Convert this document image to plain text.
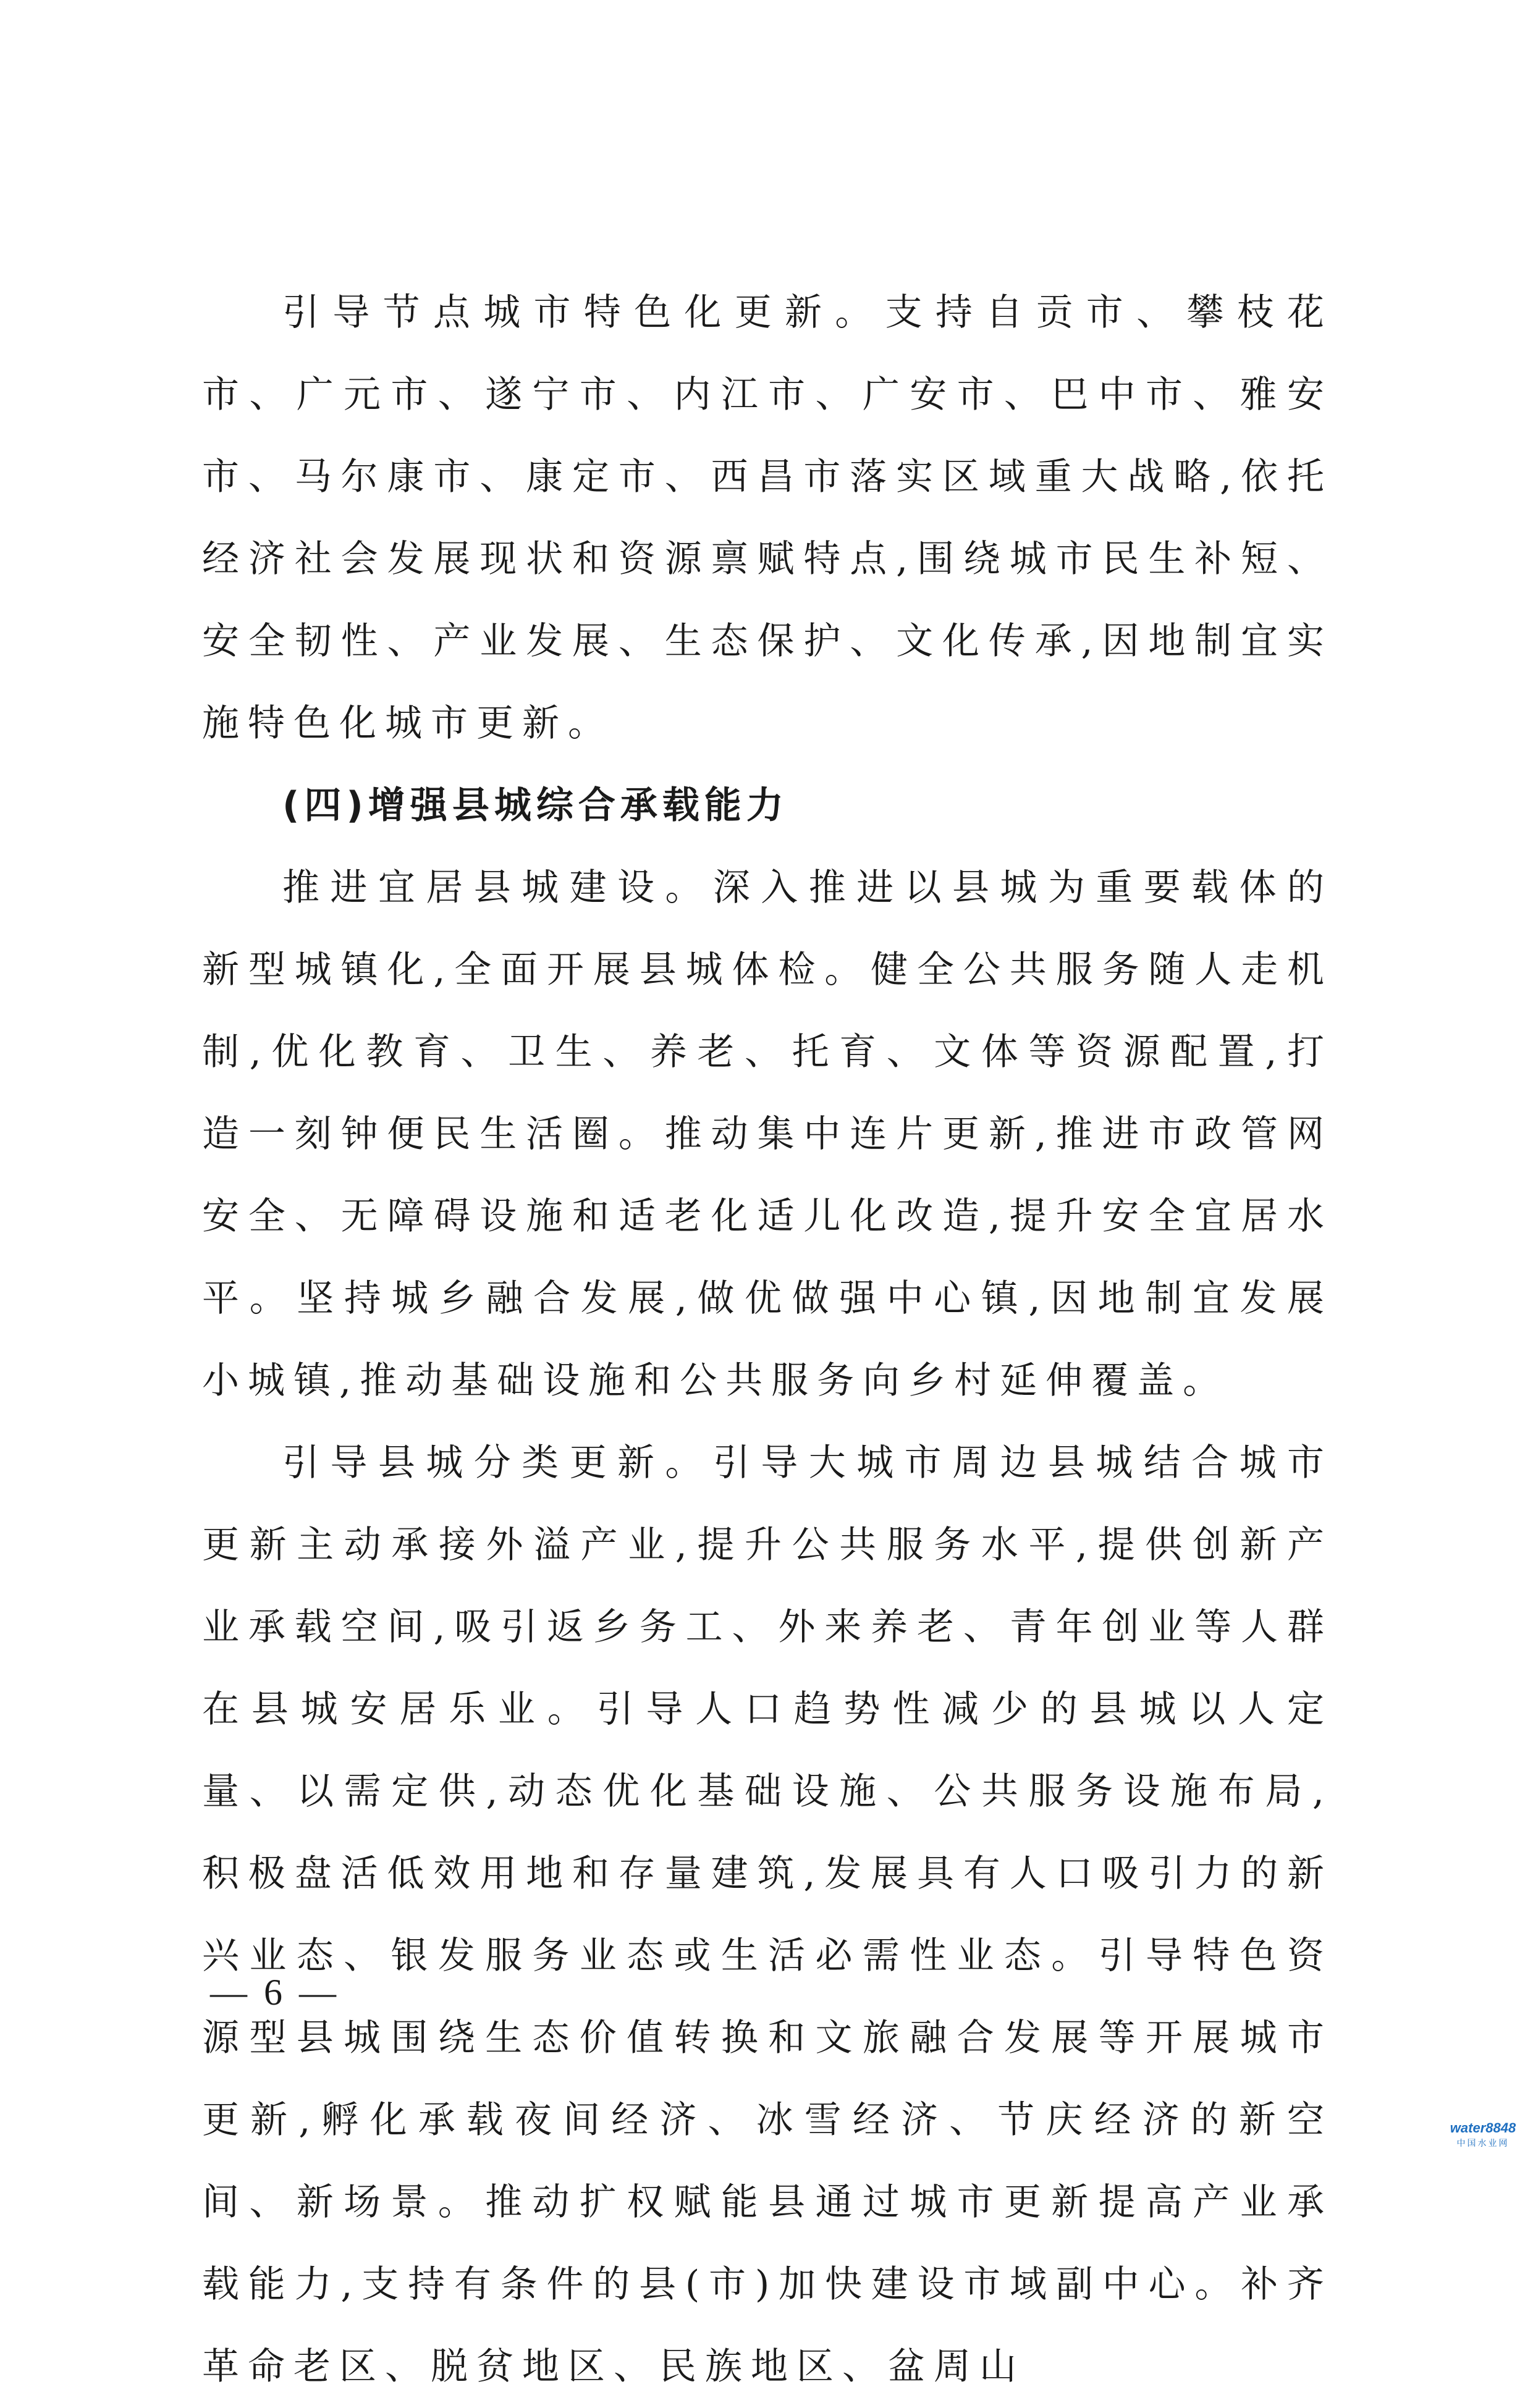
引导节点城市特色化更新。支持自贡市、攀枝花市、广元市、遂宁市、内江市、广安市、巴中市、雅安市、马尔康市、康定市、西昌市落实区域重大战略,依托经济社会发展现状和资源禀赋特点,围绕城市民生补短、安全韧性、产业发展、生态保护、文化传承,因地制宜实施特色化城市更新。

(四)增强县城综合承载能力

推进宜居县城建设。深入推进以县城为重要载体的新型城镇化,全面开展县城体检。健全公共服务随人走机制,优化教育、卫生、养老、托育、文体等资源配置,打造一刻钟便民生活圈。推动集中连片更新,推进市政管网安全、无障碍设施和适老化适儿化改造,提升安全宜居水平。坚持城乡融合发展,做优做强中心镇,因地制宜发展小城镇,推动基础设施和公共服务向乡村延伸覆盖。

引导县城分类更新。引导大城市周边县城结合城市更新主动承接外溢产业,提升公共服务水平,提供创新产业承载空间,吸引返乡务工、外来养老、青年创业等人群在县城安居乐业。引导人口趋势性减少的县城以人定量、以需定供,动态优化基础设施、公共服务设施布局,积极盘活低效用地和存量建筑,发展具有人口吸引力的新兴业态、银发服务业态或生活必需性业态。引导特色资源型县城围绕生态价值转换和文旅融合发展等开展城市更新,孵化承载夜间经济、冰雪经济、节庆经济的新空间、新场景。推动扩权赋能县通过城市更新提高产业承载能力,支持有条件的县(市)加快建设市域副中心。补齐革命老区、脱贫地区、民族地区、盆周山

— 6 —
water8848
中国水业网
